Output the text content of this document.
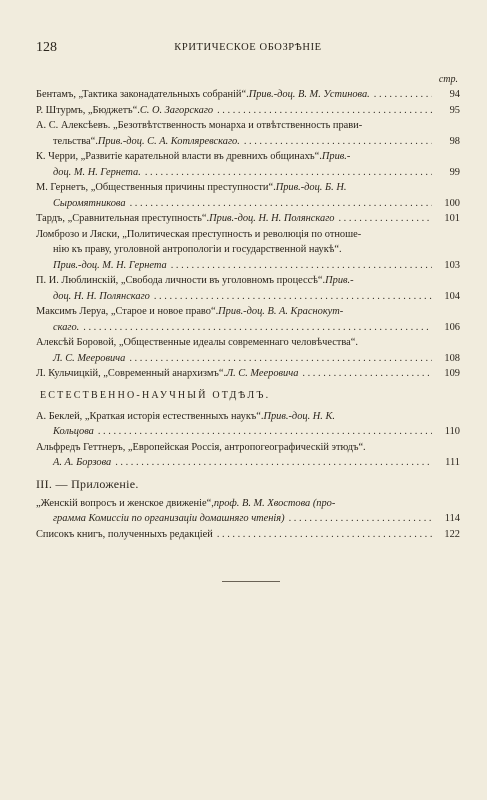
128	КРИТИЧЕСКОЕ ОБОЗРѢНІЕ
стр.
Бентамъ, „Тактика законадательныхъ собраній“. Прив.-доц. В. М. Устинова. . . .	94
Р. Штурмъ, „Бюджетъ“. С. О. Загорскаго . . .	95
А. С. Алексѣевъ. „Безотвѣтственность монарха и отвѣтственность прави-
тельства“. Прив.-доц. С. А. Котляревскаго. . . .	98
К. Черри, „Развитіе карательной власти въ древнихъ общинахъ“. Прив.-
доц. М. Н. Гернета. . . .	99
М. Гернетъ, „Общественныя причины преступности“. Прив.-доц. Б. Н.
Сыромятникова . . .	100
Тардъ, „Сравнительная преступность“. Прив.-доц. Н. Н. Полянскаго . . .	101
Ломброзо и Ляски, „Политическая преступность и революція по отноше-
нію къ праву, уголовной антропологіи и государственной наукѣ“.
Прив.-доц. М. Н. Гернета . . .	103
П. И. Люблинскій, „Свобода личности въ уголовномъ процессѣ“. Прив.-
доц. Н. Н. Полянскаго . . .	104
Максимъ Леруа, „Старое и новое право“. Прив.-доц. В. А. Краснокут-
скаго. . . .	106
Алексѣй Боровой, „Общественные идеалы современнаго человѣчества“.
Л. С. Мееровича . . .	108
Л. Кульчицкій, „Современный анархизмъ“. Л. С. Мееровича . . .	109
ЕСТЕСТВЕННО-НАУЧНЫЙ ОТДѢЛЪ.
А. Беклей, „Краткая исторія естественныхъ наукъ“. Прив.-доц. Н. К.
Кольцова . . .	110
Альфредъ Геттнеръ, „Европейская Россія, антропогеографическій этюдъ“.
А. А. Борзова . . .	111
III. — Приложеніе.
„Женскій вопросъ и женское движеніе“, проф. В. М. Хвостова (про-
грамма Комиссіи по организаціи домашняго чтенія) . . .	114
Списокъ книгъ, полученныхъ редакціей . . .	122
